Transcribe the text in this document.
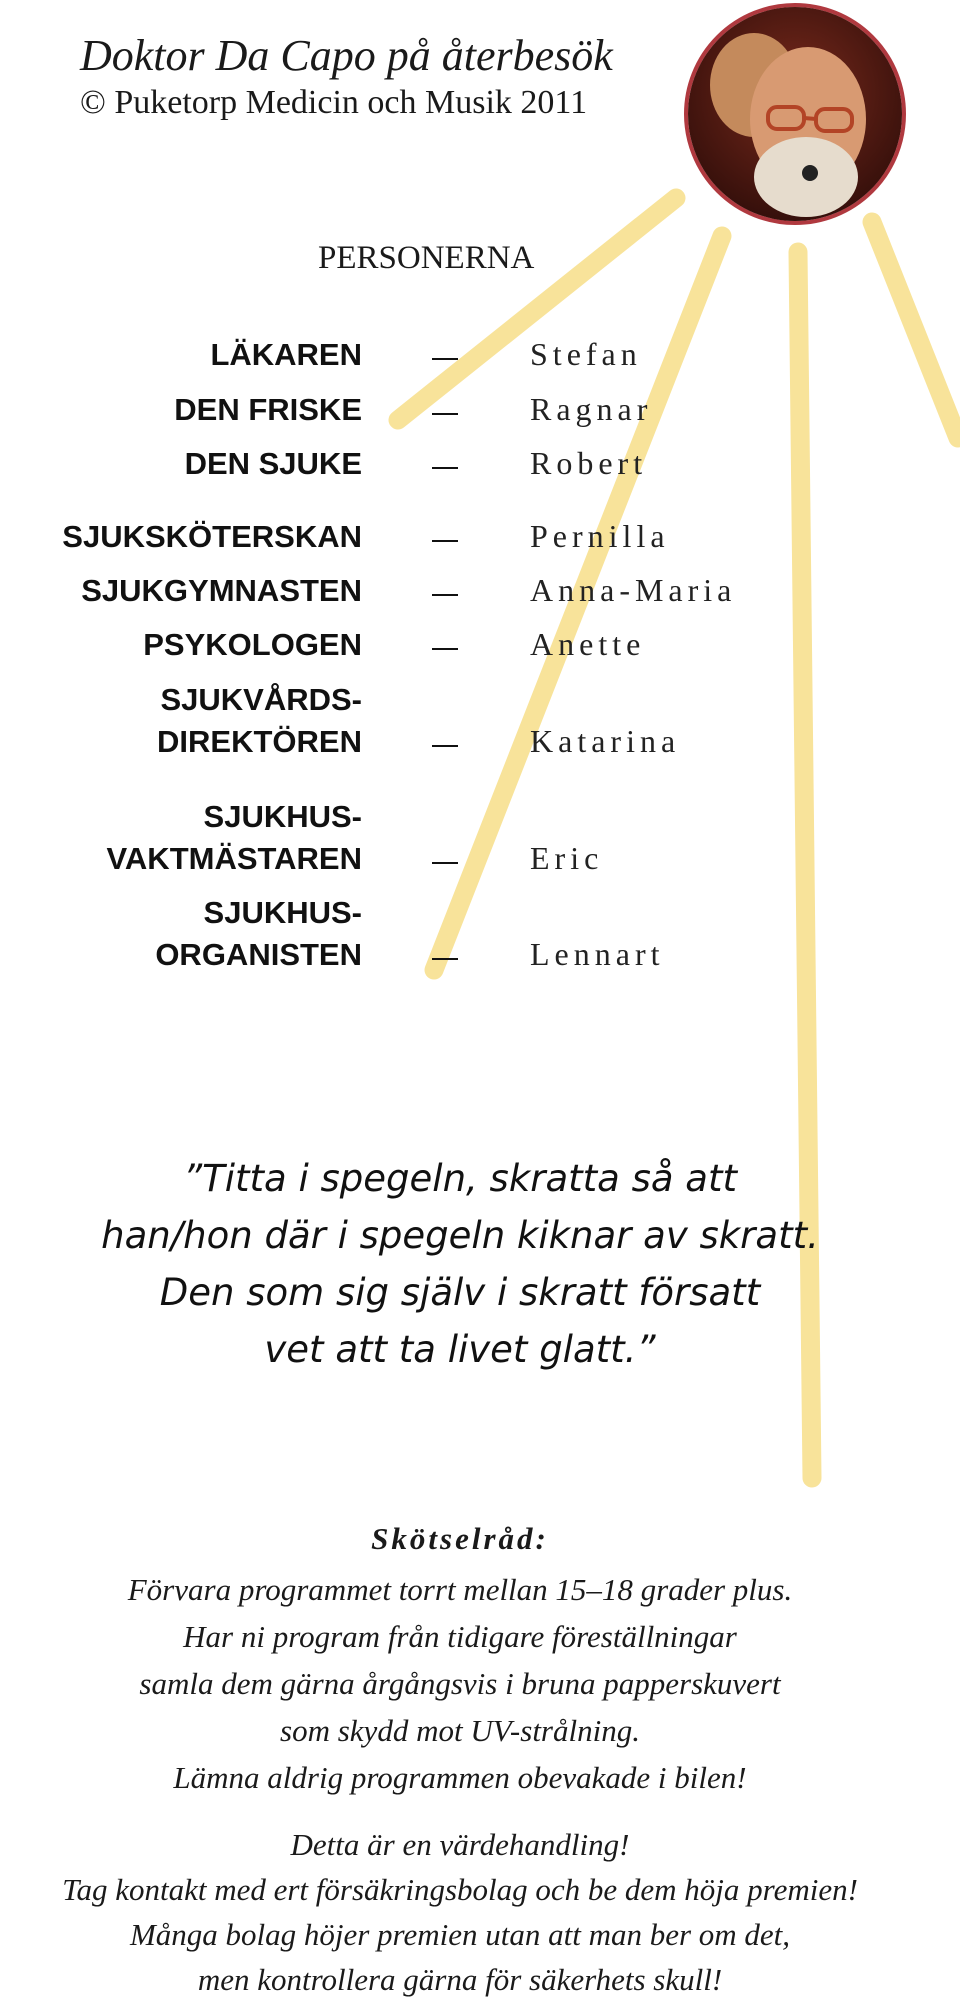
Doktor Da Capo på återbesök
© Puketorp Medicin och Musik 2011
PERSONERNA
LÄKAREN	Stefan
DEN FRISKE	Ragnar
DEN SJUKE	Robert
SJUKSKÖTERSKAN	Pernilla
SJUKGYMNASTEN	Anna-Maria
PSYKOLOGEN	Anette
SJUKVÅRDS-
DIREKTÖREN	Katarina
SJUKHUS-
VAKTMÄSTAREN	Eric
SJUKHUS-
ORGANISTEN	Lennart
”Titta i spegeln, skratta så att
han/hon där i spegeln kiknar av skratt.
Den som sig själv i skratt försatt
vet att ta livet glatt.”
Skötselråd:
Förvara programmet torrt mellan 15–18 grader plus.
Har ni program från tidigare föreställningar
samla dem gärna årgångsvis i bruna papperskuvert
som skydd mot UV-strålning.
Lämna aldrig programmen obevakade i bilen!
Detta är en värdehandling!
Tag kontakt med ert försäkringsbolag och be dem höja premien!
Många bolag höjer premien utan att man ber om det,
men kontrollera gärna för säkerhets skull!
